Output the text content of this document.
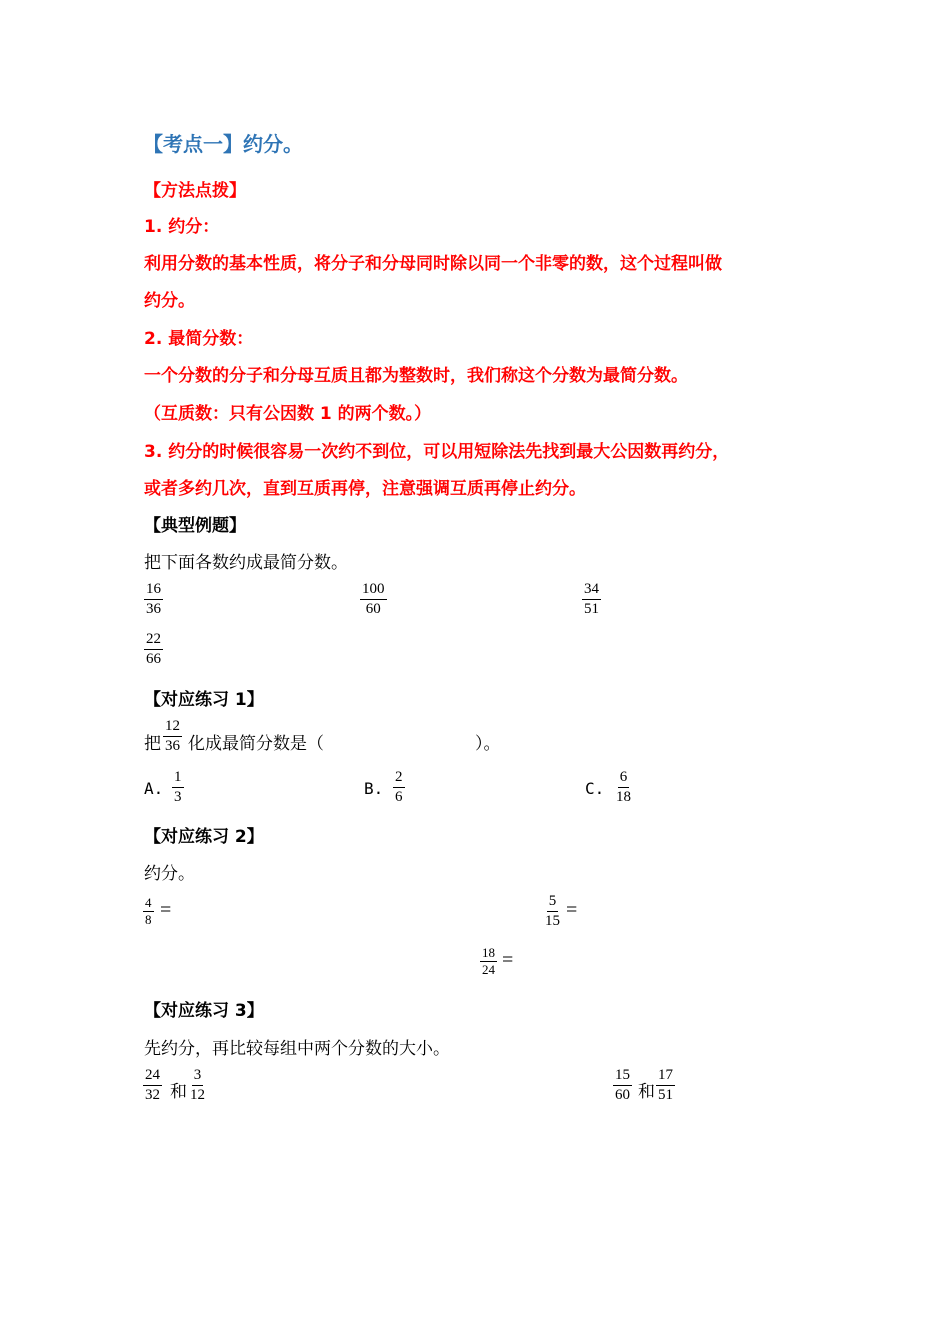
【考点一】约分。
【方法点拨】
1. 约分：
利用分数的基本性质，将分子和分母同时除以同一个非零的数，这个过程叫做
约分。
2. 最简分数：
一个分数的分子和分母互质且都为整数时，我们称这个分数为最简分数。
（互质数：只有公因数 1 的两个数。）
3. 约分的时候很容易一次约不到位，可以用短除法先找到最大公因数再约分，
或者多约几次，直到互质再停，注意强调互质再停止约分。
【典型例题】
把下面各数约成最简分数。
$\frac{16}{36}$	$\frac{100}{60}$	$\frac{34}{51}$
$\frac{22}{66}$
【对应练习 1】
把 $\frac{12}{36}$ 化成最简分数是（	）。
A. $\frac{1}{3}$	B. $\frac{2}{6}$	C. $\frac{6}{18}$
【对应练习 2】
约分。
$\frac{4}{8}$ =	$\frac{5}{15}$ =
$\frac{18}{24}$ =
【对应练习 3】
先约分，再比较每组中两个分数的大小。
$\frac{24}{32}$ 和 $\frac{3}{12}$	$\frac{15}{60}$ 和 $\frac{17}{51}$
